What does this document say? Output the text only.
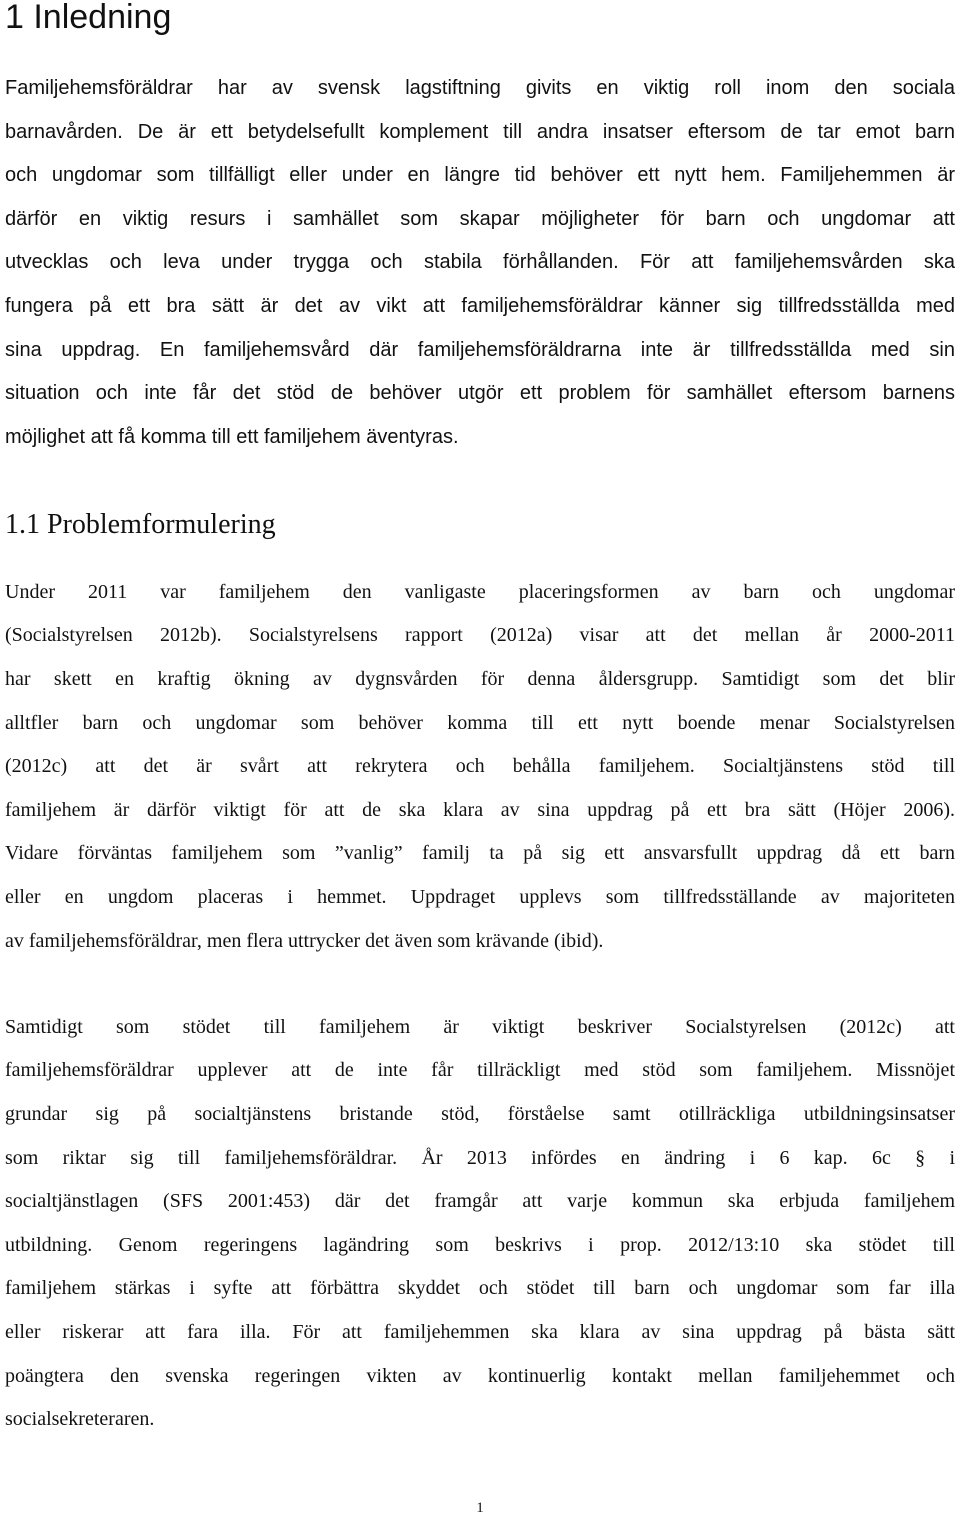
1 Inledning

Familjehemsföräldrar har av svensk lagstiftning givits en viktig roll inom den sociala

barnavården. De är ett betydelsefullt komplement till andra insatser eftersom de tar emot barn

och ungdomar som tillfälligt eller under en längre tid behöver ett nytt hem. Familjehemmen är

därför en viktig resurs i samhället som skapar möjligheter för barn och ungdomar att

utvecklas och leva under trygga och stabila förhållanden. För att familjehemsvården ska

fungera på ett bra sätt är det av vikt att familjehemsföräldrar känner sig tillfredsställda med

sina uppdrag. En familjehemsvård där familjehemsföräldrarna inte är tillfredsställda med sin

situation och inte får det stöd de behöver utgör ett problem för samhället eftersom barnens

möjlighet att få komma till ett familjehem äventyras.

1.1 Problemformulering

Under 2011 var familjehem den vanligaste placeringsformen av barn och ungdomar

(Socialstyrelsen 2012b). Socialstyrelsens rapport (2012a) visar att det mellan år 2000-2011

har skett en kraftig ökning av dygnsvården för denna åldersgrupp. Samtidigt som det blir

alltfler barn och ungdomar som behöver komma till ett nytt boende menar Socialstyrelsen

(2012c) att det är svårt att rekrytera och behålla familjehem. Socialtjänstens stöd till

familjehem är därför viktigt för att de ska klara av sina uppdrag på ett bra sätt (Höjer 2006).

Vidare förväntas familjehem som ”vanlig” familj ta på sig ett ansvarsfullt uppdrag då ett barn

eller en ungdom placeras i hemmet. Uppdraget upplevs som tillfredsställande av majoriteten

av familjehemsföräldrar, men flera uttrycker det även som krävande (ibid).

Samtidigt som stödet till familjehem är viktigt beskriver Socialstyrelsen (2012c) att

familjehemsföräldrar upplever att de inte får tillräckligt med stöd som familjehem. Missnöjet

grundar sig på socialtjänstens bristande stöd, förståelse samt otillräckliga utbildningsinsatser

som riktar sig till familjehemsföräldrar. År 2013 infördes en ändring i 6 kap. 6c § i

socialtjänstlagen (SFS 2001:453) där det framgår att varje kommun ska erbjuda familjehem

utbildning. Genom regeringens lagändring som beskrivs i prop. 2012/13:10 ska stödet till

familjehem stärkas i syfte att förbättra skyddet och stödet till barn och ungdomar som far illa

eller riskerar att fara illa. För att familjehemmen ska klara av sina uppdrag på bästa sätt

poängtera den svenska regeringen vikten av kontinuerlig kontakt mellan familjehemmet och

socialsekreteraren.

1
